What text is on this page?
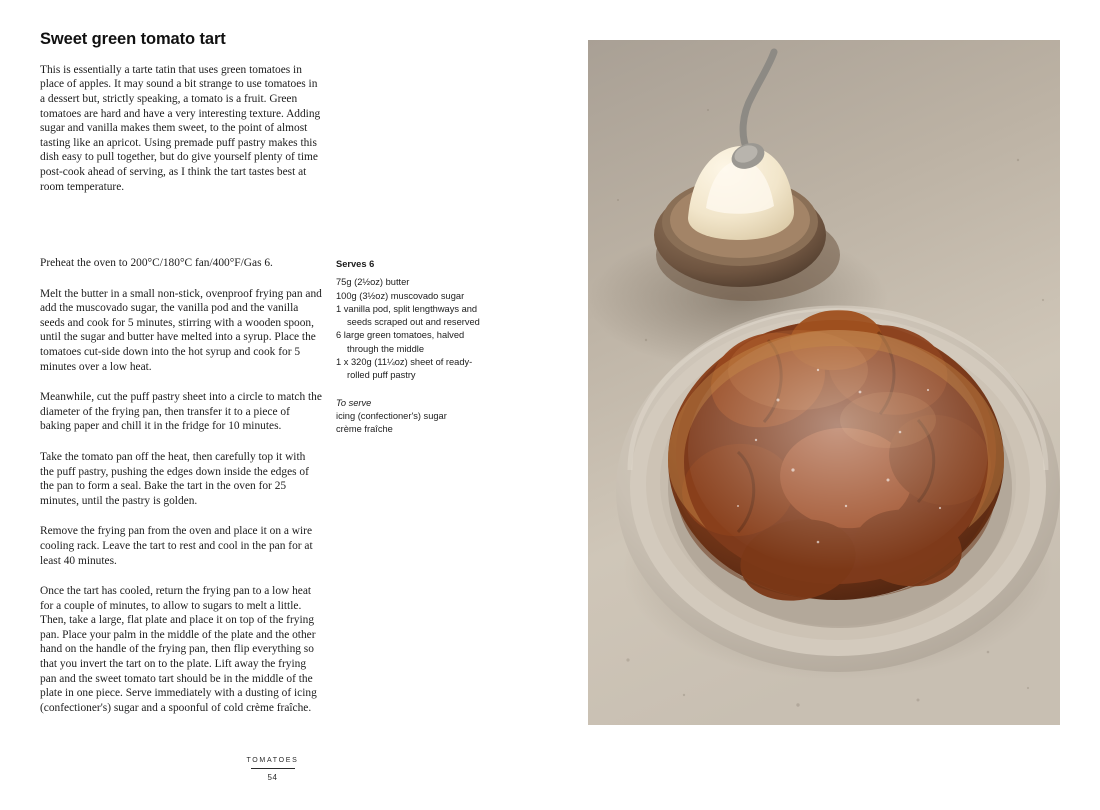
Sweet green tomato tart

This is essentially a tarte tatin that uses green tomatoes in place of apples. It may sound a bit strange to use tomatoes in a dessert but, strictly speaking, a tomato is a fruit. Green tomatoes are hard and have a very interesting texture. Adding sugar and vanilla makes them sweet, to the point of almost tasting like an apricot. Using premade puff pastry makes this dish easy to pull together, but do give yourself plenty of time post-cook ahead of serving, as I think the tart tastes best at room temperature.

Preheat the oven to 200°C/180°C fan/400°F/Gas 6.

Melt the butter in a small non-stick, ovenproof frying pan and add the muscovado sugar, the vanilla pod and the vanilla seeds and cook for 5 minutes, stirring with a wooden spoon, until the sugar and butter have melted into a syrup. Place the tomatoes cut-side down into the hot syrup and cook for 5 minutes over a low heat.

Meanwhile, cut the puff pastry sheet into a circle to match the diameter of the frying pan, then transfer it to a piece of baking paper and chill it in the fridge for 10 minutes.

Take the tomato pan off the heat, then carefully top it with the puff pastry, pushing the edges down inside the edges of the pan to form a seal. Bake the tart in the oven for 25 minutes, until the pastry is golden.

Remove the frying pan from the oven and place it on a wire cooling rack. Leave the tart to rest and cool in the pan for at least 40 minutes.

Once the tart has cooled, return the frying pan to a low heat for a couple of minutes, to allow to sugars to melt a little. Then, take a large, flat plate and place it on top of the frying pan. Place your palm in the middle of the plate and the other hand on the handle of the frying pan, then flip everything so that you invert the tart on to the plate. Lift away the frying pan and the sweet tomato tart should be in the middle of the plate in one piece. Serve immediately with a dusting of icing (confectioner's) sugar and a spoonful of cold crème fraîche.

Serves 6
75g (2½oz) butter
100g (3½oz) muscovado sugar
1 vanilla pod, split lengthways and seeds scraped out and reserved
6 large green tomatoes, halved through the middle
1 x 320g (11¼oz) sheet of ready-rolled puff pastry
To serve
icing (confectioner's) sugar
crème fraîche
TOMATOES
54
